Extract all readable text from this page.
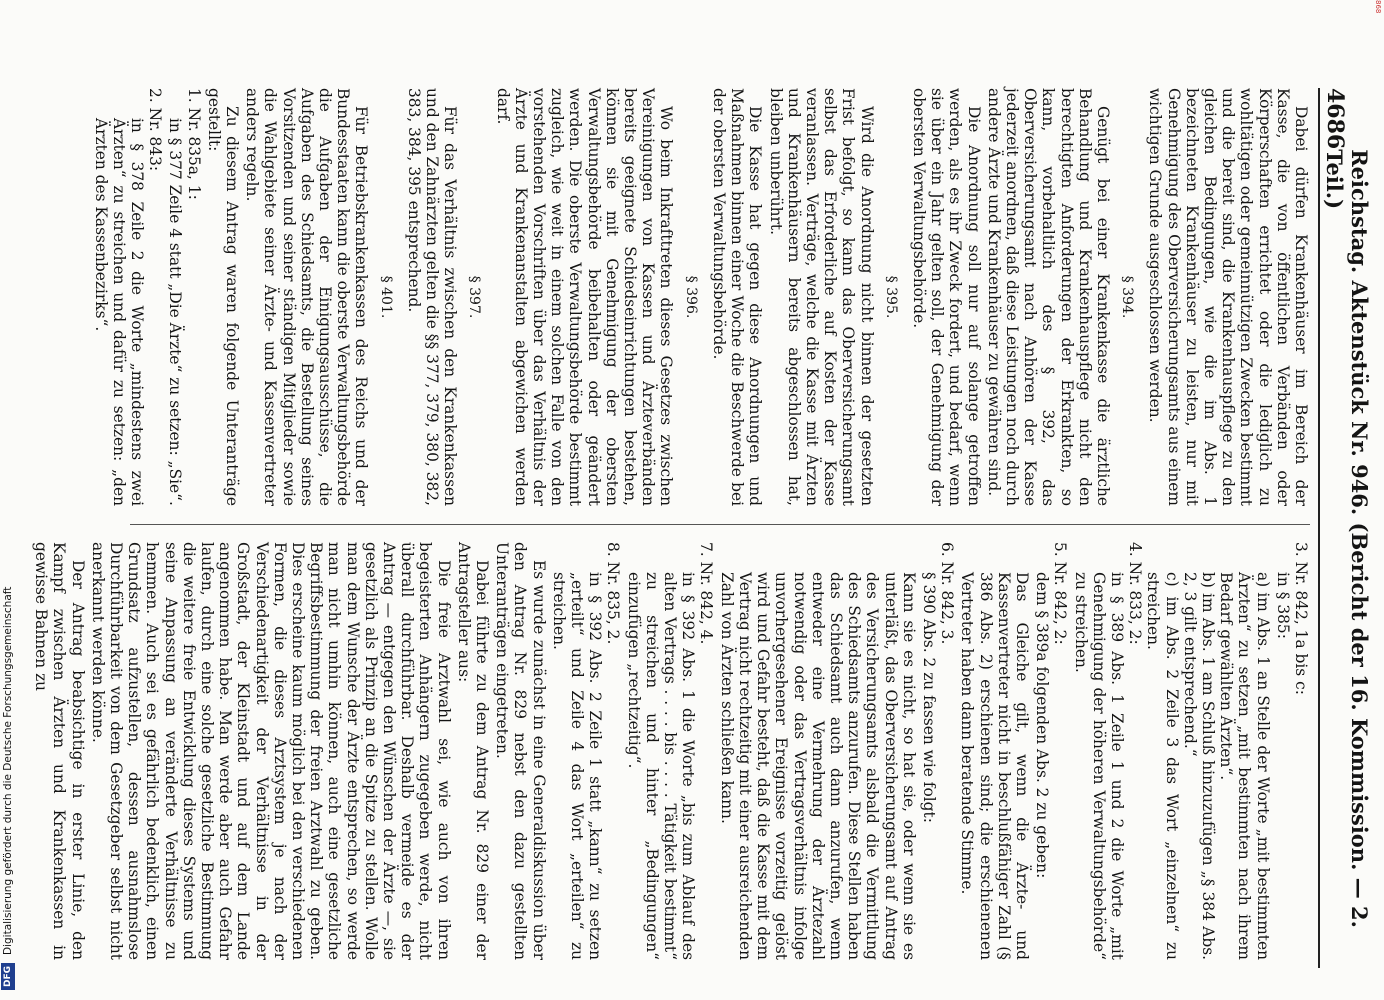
4686
Reichstag. Aktenstück Nr. 946. (Bericht der 16. Kommission. — 2. Teil.)

Dabei dürfen Krankenhäuser im Bereich der Kasse, die von öffentlichen Verbänden oder Körperschaften errichtet oder die lediglich zu wohltätigen oder gemeinnützigen Zwecken bestimmt und die bereit sind, die Krankenhauspflege zu den gleichen Bedingungen, wie die im Abs. 1 bezeichneten Krankenhäuser zu leisten, nur mit Genehmigung des Oberversicherungsamts aus einem wichtigen Grunde ausgeschlossen werden.

§ 394.

Genügt bei einer Krankenkasse die ärztliche Behandlung und Krankenhauspflege nicht den berechtigten Anforderungen der Erkrankten, so kann, vorbehaltlich des § 392, das Oberversicherungsamt nach Anhören der Kasse jederzeit anordnen, daß diese Leistungen noch durch andere Ärzte und Krankenhäuser zu gewähren sind.

Die Anordnung soll nur auf solange getroffen werden, als es ihr Zweck fordert, und bedarf, wenn sie über ein Jahr gelten soll, der Genehmigung der obersten Verwaltungsbehörde.

§ 395.

Wird die Anordnung nicht binnen der gesetzten Frist befolgt, so kann das Oberversicherungsamt selbst das Erforderliche auf Kosten der Kasse veranlassen. Verträge, welche die Kasse mit Ärzten und Krankenhäusern bereits abgeschlossen hat, bleiben unberührt.

Die Kasse hat gegen diese Anordnungen und Maßnahmen binnen einer Woche die Beschwerde bei der obersten Verwaltungsbehörde.

§ 396.

Wo beim Inkrafttreten dieses Gesetzes zwischen Vereinigungen von Kassen und Ärzteverbänden bereits geeignete Schiedseinrichtungen bestehen, können sie mit Genehmigung der obersten Verwaltungsbehörde beibehalten oder geändert werden. Die oberste Verwaltungsbehörde bestimmt zugleich, wie weit in einem solchen Falle von den vorstehenden Vorschriften über das Verhältnis der Ärzte und Krankenanstalten abgewichen werden darf.

§ 397.

Für das Verhältnis zwischen den Krankenkassen und den Zahnärzten gelten die §§ 377, 379, 380, 382, 383, 384, 395 entsprechend.

§ 401.

Für Betriebskrankenkassen des Reichs und der Bundesstaaten kann die oberste Verwaltungsbehörde die Aufgaben der Einigungsausschüsse, die Aufgaben des Schiedsamts, die Bestellung seines Vorsitzenden und seiner ständigen Mitglieder sowie die Wahlgebiete seiner Ärzte- und Kassenvertreter anders regeln.

Zu diesem Antrag waren folgende Unteranträge gestellt:

1. Nr. 835a, 1:

in § 377 Zeile 4 statt „Die Ärzte“ zu setzen: „Sie“.

2. Nr. 843:

in § 378 Zeile 2 die Worte „mindestens zwei Ärzten“ zu streichen und dafür zu setzen: „den Ärzten des Kassenbezirks“.

3. Nr. 842, 1a bis c:

in § 385:

a) im Abs. 1 an Stelle der Worte „mit bestimmten Ärzten“ zu setzen „mit bestimmten nach ihrem Bedarf gewählten Ärzten“.

b) im Abs. 1 am Schluß hinzuzufügen „§ 384 Abs. 2, 3 gilt entsprechend.“

c) im Abs. 2 Zeile 3 das Wort „einzelnen“ zu streichen.

4. Nr. 833, 2:

in § 389 Abs. 1 Zeile 1 und 2 die Worte „mit Genehmigung der höheren Verwaltungsbehörde“ zu streichen.

5. Nr. 842, 2:

dem § 389a folgenden Abs. 2 zu geben:

Das Gleiche gilt, wenn die Ärzte- und Kassenvertreter nicht in beschlußfähiger Zahl (§ 386 Abs. 2) erschienen sind; die erschienenen Vertreter haben dann beratende Stimme.

6. Nr. 842, 3.

§ 390 Abs. 2 zu fassen wie folgt:

Kann sie es nicht, so hat sie, oder wenn sie es unterläßt, das Oberversicherungsamt auf Antrag des Versicherungsamts alsbald die Vermittlung des Schiedsamts anzurufen. Diese Stellen haben das Schiedsamt auch dann anzurufen, wenn entweder eine Vermehrung der Ärztezahl notwendig oder das Vertragsverhältnis infolge unvorhergesehener Ereignisse vorzeitig gelöst wird und Gefahr besteht, daß die Kasse mit dem Vertrag nicht rechtzeitig mit einer ausreichenden Zahl von Ärzten schließen kann.

7. Nr. 842, 4.

in § 392 Abs. 1 die Worte „bis zum Ablauf des alten Vertrags . . . . bis . . . . Tätigkeit bestimmt“ zu streichen und hinter „Bedingungen“ einzufügen „rechtzeitig“.

8. Nr. 835, 2.

in § 392 Abs. 2 Zeile 1 statt „kann“ zu setzen „erteilt“ und Zeile 4 das Wort „erteilen“ zu streichen.

Es wurde zunächst in eine Generaldiskussion über den Antrag Nr. 829 nebst den dazu gestellten Unteranträgen eingetreten.

Dabei führte zu dem Antrag Nr. 829 einer der Antragsteller aus:

Die freie Arztwahl sei, wie auch von ihren begeisterten Anhängern zugegeben werde, nicht überall durchführbar. Deshalb vermeide es der Antrag — entgegen den Wünschen der Ärzte —, sie gesetzlich als Prinzip an die Spitze zu stellen. Wolle man dem Wunsche der Ärzte entsprechen, so werde man nicht umhin können, auch eine gesetzliche Begriffsbestimmung der freien Arztwahl zu geben. Dies erscheine kaum möglich bei den verschiedenen Formen, die dieses Arztsystem je nach der Verschiedenartigkeit der Verhältnisse in der Großstadt, der Kleinstadt und auf dem Lande angenommen habe. Man werde aber auch Gefahr laufen, durch eine solche gesetzliche Bestimmung die weitere freie Entwicklung dieses Systems und seine Anpassung an veränderte Verhältnisse zu hemmen. Auch sei es gefährlich bedenklich, einen Grundsatz aufzustellen, dessen ausnahmslose Durchführbarkeit von dem Gesetzgeber selbst nicht anerkannt werden könne.

Der Antrag beabsichtige in erster Linie, den Kampf zwischen Ärzten und Krankenkassen in gewisse Bahnen zu

DFG
Digitalisierung gefördert durch die Deutsche Forschungsgemeinschaft
868
